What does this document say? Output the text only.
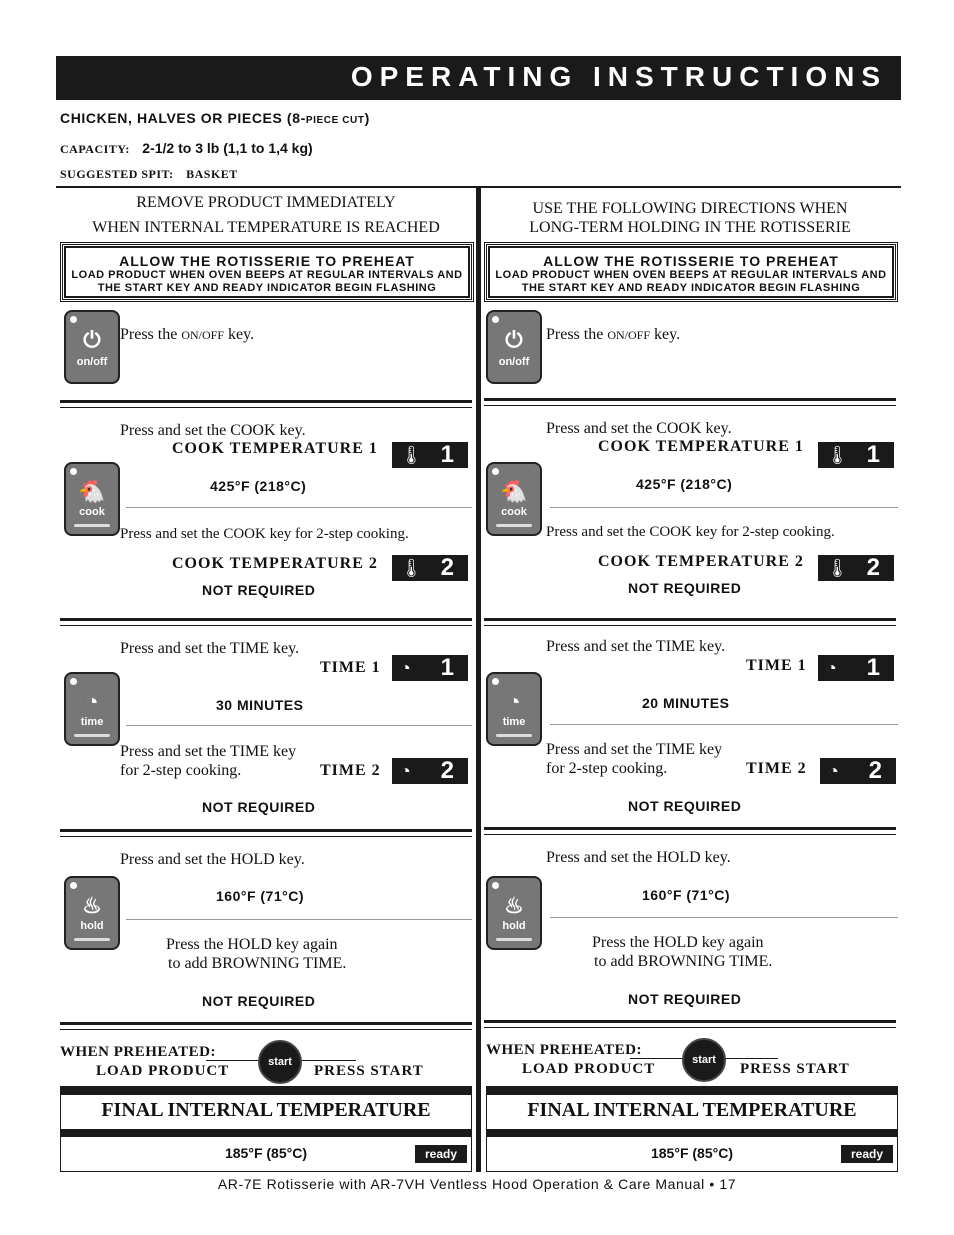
OPERATING INSTRUCTIONS
CHICKEN, HALVES OR PIECES (8-PIECE CUT)
CAPACITY: 2-1/2 to 3 lb (1,1 to 1,4 kg)
SUGGESTED SPIT: BASKET
REMOVE PRODUCT IMMEDIATELY
WHEN INTERNAL TEMPERATURE IS REACHED
ALLOW THE ROTISSERIE TO PREHEAT
LOAD PRODUCT WHEN OVEN BEEPS AT REGULAR INTERVALS AND
THE START KEY AND READY INDICATOR BEGIN FLASHING
⏻
on/off
Press the ON/OFF key.
Press and set the COOK key.
COOK TEMPERATURE 1 🌡 1
🐔
cook
425°F (218°C)
Press and set the COOK key for 2-step cooking.
COOK TEMPERATURE 2 🌡 2
NOT REQUIRED
Press and set the TIME key.
TIME 1 ◔ 1
◔
time
30 MINUTES
Press and set the TIME key
for 2-step cooking.	TIME 2 ◔ 2
NOT REQUIRED
Press and set the HOLD key.
♨
hold
160°F (71°C)
Press the HOLD key again
to add BROWNING TIME.
NOT REQUIRED
WHEN PREHEATED:
start
LOAD PRODUCT	PRESS START
FINAL INTERNAL TEMPERATURE
185°F (85°C)	ready
USE THE FOLLOWING DIRECTIONS WHEN
LONG-TERM HOLDING IN THE ROTISSERIE
ALLOW THE ROTISSERIE TO PREHEAT
LOAD PRODUCT WHEN OVEN BEEPS AT REGULAR INTERVALS AND
THE START KEY AND READY INDICATOR BEGIN FLASHING
⏻
on/off
Press the ON/OFF key.
Press and set the COOK key.
COOK TEMPERATURE 1 🌡 1
🐔
cook
425°F (218°C)
Press and set the COOK key for 2-step cooking.
COOK TEMPERATURE 2 🌡 2
NOT REQUIRED
Press and set the TIME key.
TIME 1 ◔ 1
◔
time
20 MINUTES
Press and set the TIME key
for 2-step cooking.	TIME 2 ◔ 2
NOT REQUIRED
Press and set the HOLD key.
♨
hold
160°F (71°C)
Press the HOLD key again
to add BROWNING TIME.
NOT REQUIRED
WHEN PREHEATED:
start
LOAD PRODUCT	PRESS START
FINAL INTERNAL TEMPERATURE
185°F (85°C)	ready
AR-7E Rotisserie with AR-7VH Ventless Hood Operation & Care Manual • 17
